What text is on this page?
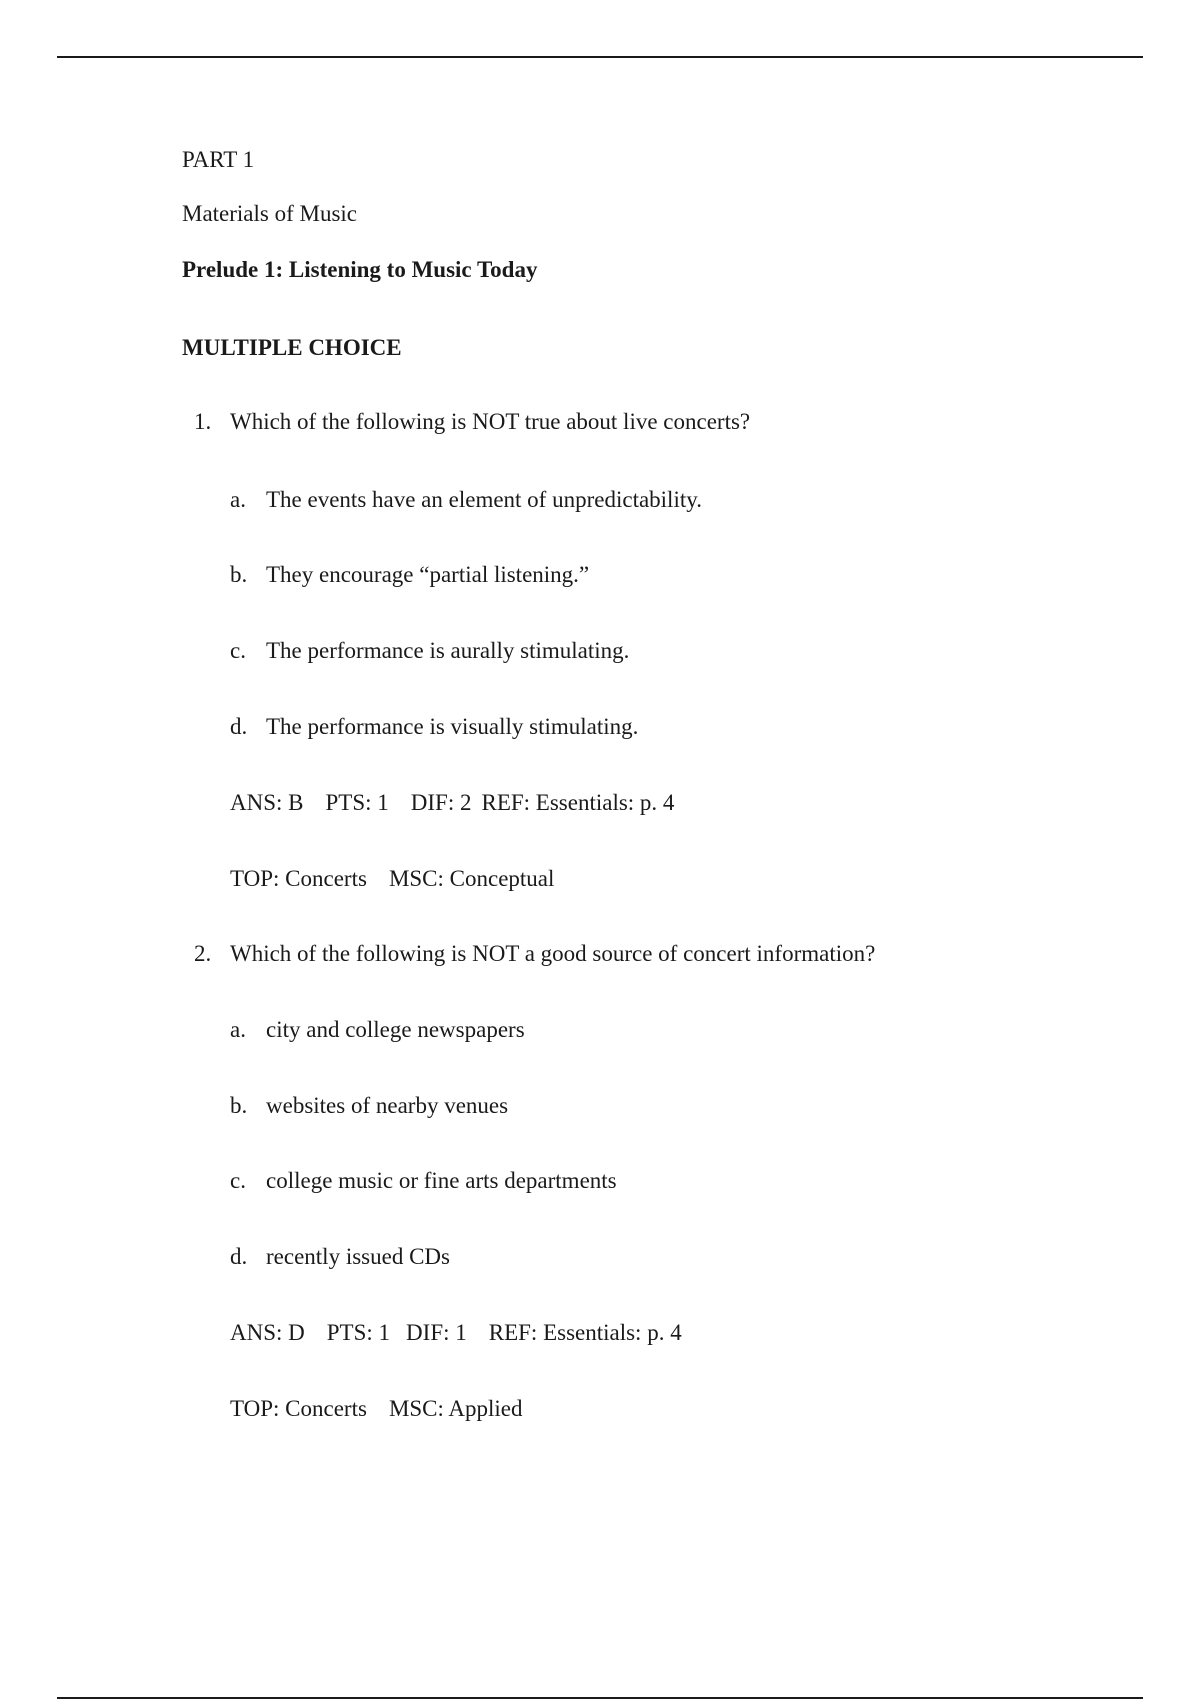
PART 1
Materials of Music
Prelude 1: Listening to Music Today
MULTIPLE CHOICE
1. Which of the following is NOT true about live concerts?
a. The events have an element of unpredictability.
b. They encourage “partial listening.”
c. The performance is aurally stimulating.
d. The performance is visually stimulating.
ANS: B PTS: 1 DIF: 2 REF: Essentials: p. 4
TOP: Concerts MSC: Conceptual
2. Which of the following is NOT a good source of concert information?
a. city and college newspapers
b. websites of nearby venues
c. college music or fine arts departments
d. recently issued CDs
ANS: D PTS: 1 DIF: 1 REF: Essentials: p. 4
TOP: Concerts MSC: Applied
